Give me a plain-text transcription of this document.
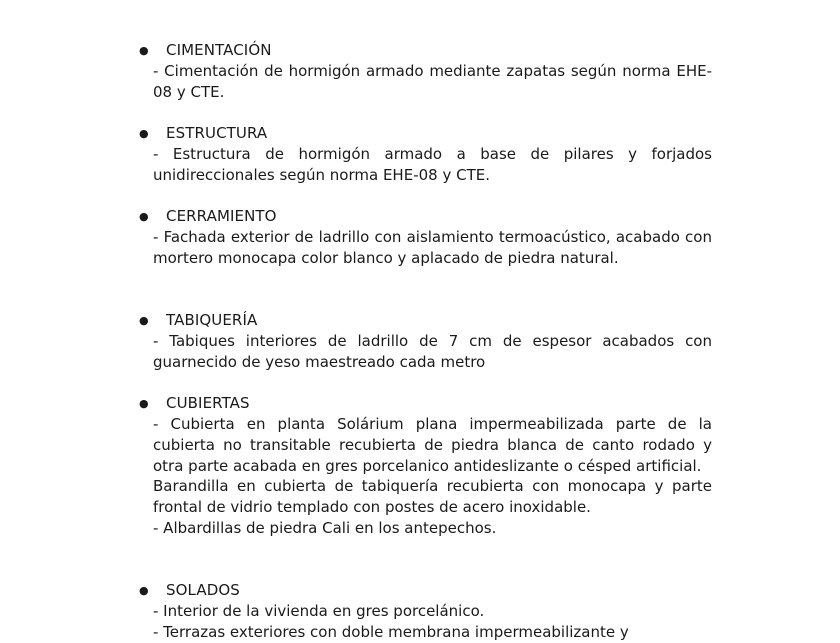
● CIMENTACIÓN

- Cimentación de hormigón armado mediante zapatas según norma EHE-08 y CTE.

● ESTRUCTURA

- Estructura de hormigón armado a base de pilares y forjados unidireccionales según norma EHE-08 y CTE.

● CERRAMIENTO

- Fachada exterior de ladrillo con aislamiento termoacústico, acabado con mortero monocapa color blanco y aplacado de piedra natural.

● TABIQUERÍA

- Tabiques interiores de ladrillo de 7 cm de espesor acabados con guarnecido de yeso maestreado cada metro

● CUBIERTAS

- Cubierta en planta Solárium plana impermeabilizada parte de la cubierta no transitable recubierta de piedra blanca de canto rodado y otra parte acabada en gres porcelanico antideslizante o césped artificial.

Barandilla en cubierta de tabiquería recubierta con monocapa y parte frontal de vidrio templado con postes de acero inoxidable.

- Albardillas de piedra Cali en los antepechos.

● SOLADOS

- Interior de la vivienda en gres porcelánico.

- Terrazas exteriores con doble membrana impermeabilizante y
